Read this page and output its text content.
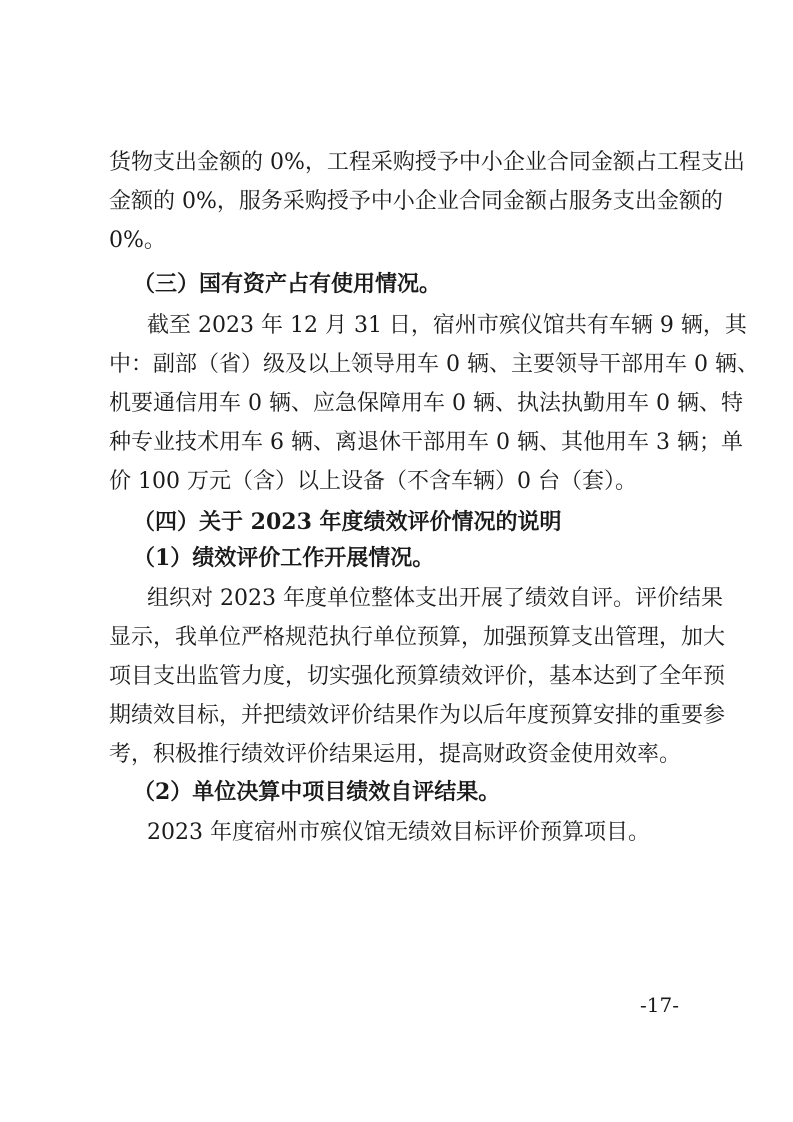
货物支出金额的 0%，工程采购授予中小企业合同金额占工程支出
金额的 0%，服务采购授予中小企业合同金额占服务支出金额的
0%。
（三）国有资产占有使用情况。
截至 2023 年 12 月 31 日，宿州市殡仪馆共有车辆 9 辆，其
中：副部（省）级及以上领导用车 0 辆、主要领导干部用车 0 辆、
机要通信用车 0 辆、应急保障用车 0 辆、执法执勤用车 0 辆、特
种专业技术用车 6 辆、离退休干部用车 0 辆、其他用车 3 辆；单
价 100 万元（含）以上设备（不含车辆）0 台（套）。
（四）关于 2023 年度绩效评价情况的说明
（1）绩效评价工作开展情况。
组织对 2023 年度单位整体支出开展了绩效自评。评价结果
显示，我单位严格规范执行单位预算，加强预算支出管理，加大
项目支出监管力度，切实强化预算绩效评价，基本达到了全年预
期绩效目标，并把绩效评价结果作为以后年度预算安排的重要参
考，积极推行绩效评价结果运用，提高财政资金使用效率。
（2）单位决算中项目绩效自评结果。
2023 年度宿州市殡仪馆无绩效目标评价预算项目。
-17-
